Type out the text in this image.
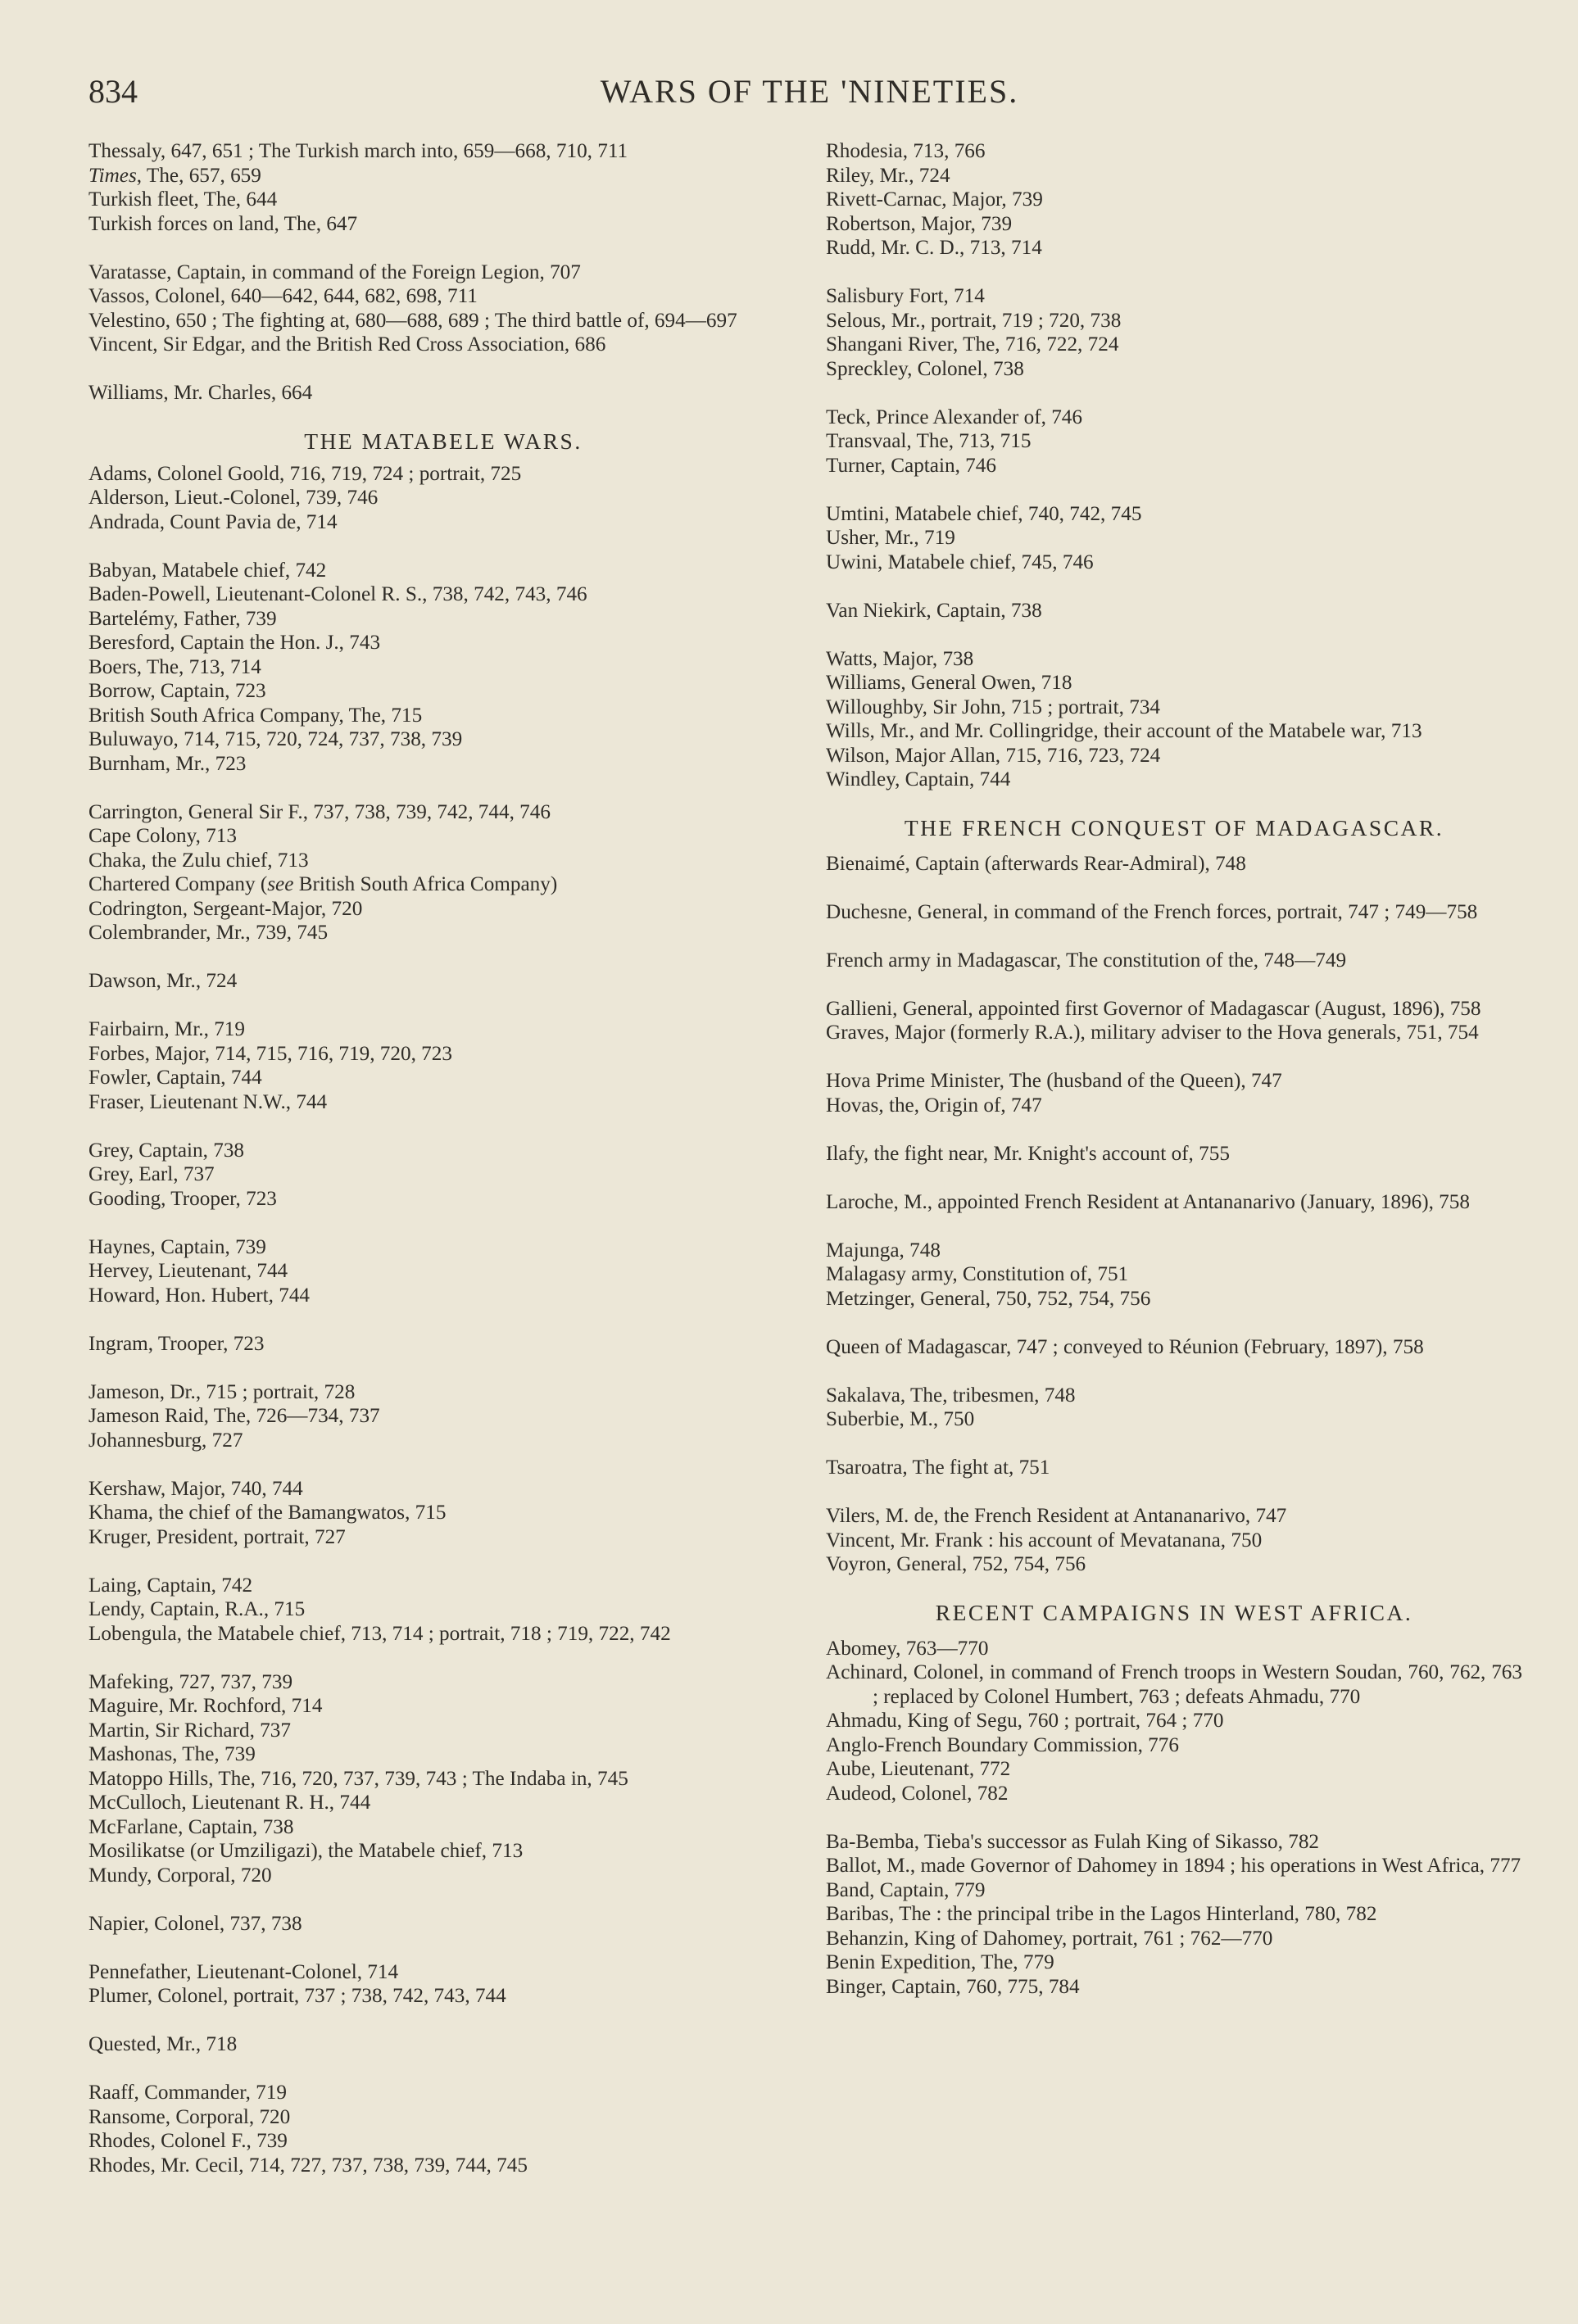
834	WARS OF THE 'NINETIES.
Thessaly, 647, 651 ; The Turkish march into, 659—668, 710, 711
Times, The, 657, 659
Turkish fleet, The, 644
Turkish forces on land, The, 647
Varatasse, Captain, in command of the Foreign Legion, 707
Vassos, Colonel, 640—642, 644, 682, 698, 711
Velestino, 650 ; The fighting at, 680—688, 689 ; The third battle of, 694—697
Vincent, Sir Edgar, and the British Red Cross Association, 686
Williams, Mr. Charles, 664
THE MATABELE WARS.
Adams, Colonel Goold, 716, 719, 724 ; portrait, 725
Alderson, Lieut.-Colonel, 739, 746
Andrada, Count Pavia de, 714
Babyan, Matabele chief, 742
Baden-Powell, Lieutenant-Colonel R. S., 738, 742, 743, 746
Bartelémy, Father, 739
Beresford, Captain the Hon. J., 743
Boers, The, 713, 714
Borrow, Captain, 723
British South Africa Company, The, 715
Buluwayo, 714, 715, 720, 724, 737, 738, 739
Burnham, Mr., 723
Carrington, General Sir F., 737, 738, 739, 742, 744, 746
Cape Colony, 713
Chaka, the Zulu chief, 713
Chartered Company (see British South Africa Company)
Codrington, Sergeant-Major, 720
Colembrander, Mr., 739, 745
Dawson, Mr., 724
Fairbairn, Mr., 719
Forbes, Major, 714, 715, 716, 719, 720, 723
Fowler, Captain, 744
Fraser, Lieutenant N.W., 744
Grey, Captain, 738
Grey, Earl, 737
Gooding, Trooper, 723
Haynes, Captain, 739
Hervey, Lieutenant, 744
Howard, Hon. Hubert, 744
Ingram, Trooper, 723
Jameson, Dr., 715 ; portrait, 728
Jameson Raid, The, 726—734, 737
Johannesburg, 727
Kershaw, Major, 740, 744
Khama, the chief of the Bamangwatos, 715
Kruger, President, portrait, 727
Laing, Captain, 742
Lendy, Captain, R.A., 715
Lobengula, the Matabele chief, 713, 714 ; portrait, 718 ; 719, 722, 742
Mafeking, 727, 737, 739
Maguire, Mr. Rochford, 714
Martin, Sir Richard, 737
Mashonas, The, 739
Matoppo Hills, The, 716, 720, 737, 739, 743 ; The Indaba in, 745
McCulloch, Lieutenant R. H., 744
McFarlane, Captain, 738
Mosilikatse (or Umziligazi), the Matabele chief, 713
Mundy, Corporal, 720
Napier, Colonel, 737, 738
Pennefather, Lieutenant-Colonel, 714
Plumer, Colonel, portrait, 737 ; 738, 742, 743, 744
Quested, Mr., 718
Raaff, Commander, 719
Ransome, Corporal, 720
Rhodes, Colonel F., 739
Rhodes, Mr. Cecil, 714, 727, 737, 738, 739, 744, 745
Rhodesia, 713, 766
Riley, Mr., 724
Rivett-Carnac, Major, 739
Robertson, Major, 739
Rudd, Mr. C. D., 713, 714
Salisbury Fort, 714
Selous, Mr., portrait, 719 ; 720, 738
Shangani River, The, 716, 722, 724
Spreckley, Colonel, 738
Teck, Prince Alexander of, 746
Transvaal, The, 713, 715
Turner, Captain, 746
Umtini, Matabele chief, 740, 742, 745
Usher, Mr., 719
Uwini, Matabele chief, 745, 746
Van Niekirk, Captain, 738
Watts, Major, 738
Williams, General Owen, 718
Willoughby, Sir John, 715 ; portrait, 734
Wills, Mr., and Mr. Collingridge, their account of the Matabele war, 713
Wilson, Major Allan, 715, 716, 723, 724
Windley, Captain, 744
THE FRENCH CONQUEST OF MADAGASCAR.
Bienaimé, Captain (afterwards Rear-Admiral), 748
Duchesne, General, in command of the French forces, portrait, 747 ; 749—758
French army in Madagascar, The constitution of the, 748—749
Gallieni, General, appointed first Governor of Madagascar (August, 1896), 758
Graves, Major (formerly R.A.), military adviser to the Hova generals, 751, 754
Hova Prime Minister, The (husband of the Queen), 747
Hovas, the, Origin of, 747
Ilafy, the fight near, Mr. Knight's account of, 755
Laroche, M., appointed French Resident at Antananarivo (January, 1896), 758
Majunga, 748
Malagasy army, Constitution of, 751
Metzinger, General, 750, 752, 754, 756
Queen of Madagascar, 747 ; conveyed to Réunion (February, 1897), 758
Sakalava, The, tribesmen, 748
Suberbie, M., 750
Tsaroatra, The fight at, 751
Vilers, M. de, the French Resident at Antananarivo, 747
Vincent, Mr. Frank : his account of Mevatanana, 750
Voyron, General, 752, 754, 756
RECENT CAMPAIGNS IN WEST AFRICA.
Abomey, 763—770
Achinard, Colonel, in command of French troops in Western Soudan, 760, 762, 763 ; replaced by Colonel Humbert, 763 ; defeats Ahmadu, 770
Ahmadu, King of Segu, 760 ; portrait, 764 ; 770
Anglo-French Boundary Commission, 776
Aube, Lieutenant, 772
Audeod, Colonel, 782
Ba-Bemba, Tieba's successor as Fulah King of Sikasso, 782
Ballot, M., made Governor of Dahomey in 1894 ; his operations in West Africa, 777
Band, Captain, 779
Baribas, The : the principal tribe in the Lagos Hinterland, 780, 782
Behanzin, King of Dahomey, portrait, 761 ; 762—770
Benin Expedition, The, 779
Binger, Captain, 760, 775, 784
